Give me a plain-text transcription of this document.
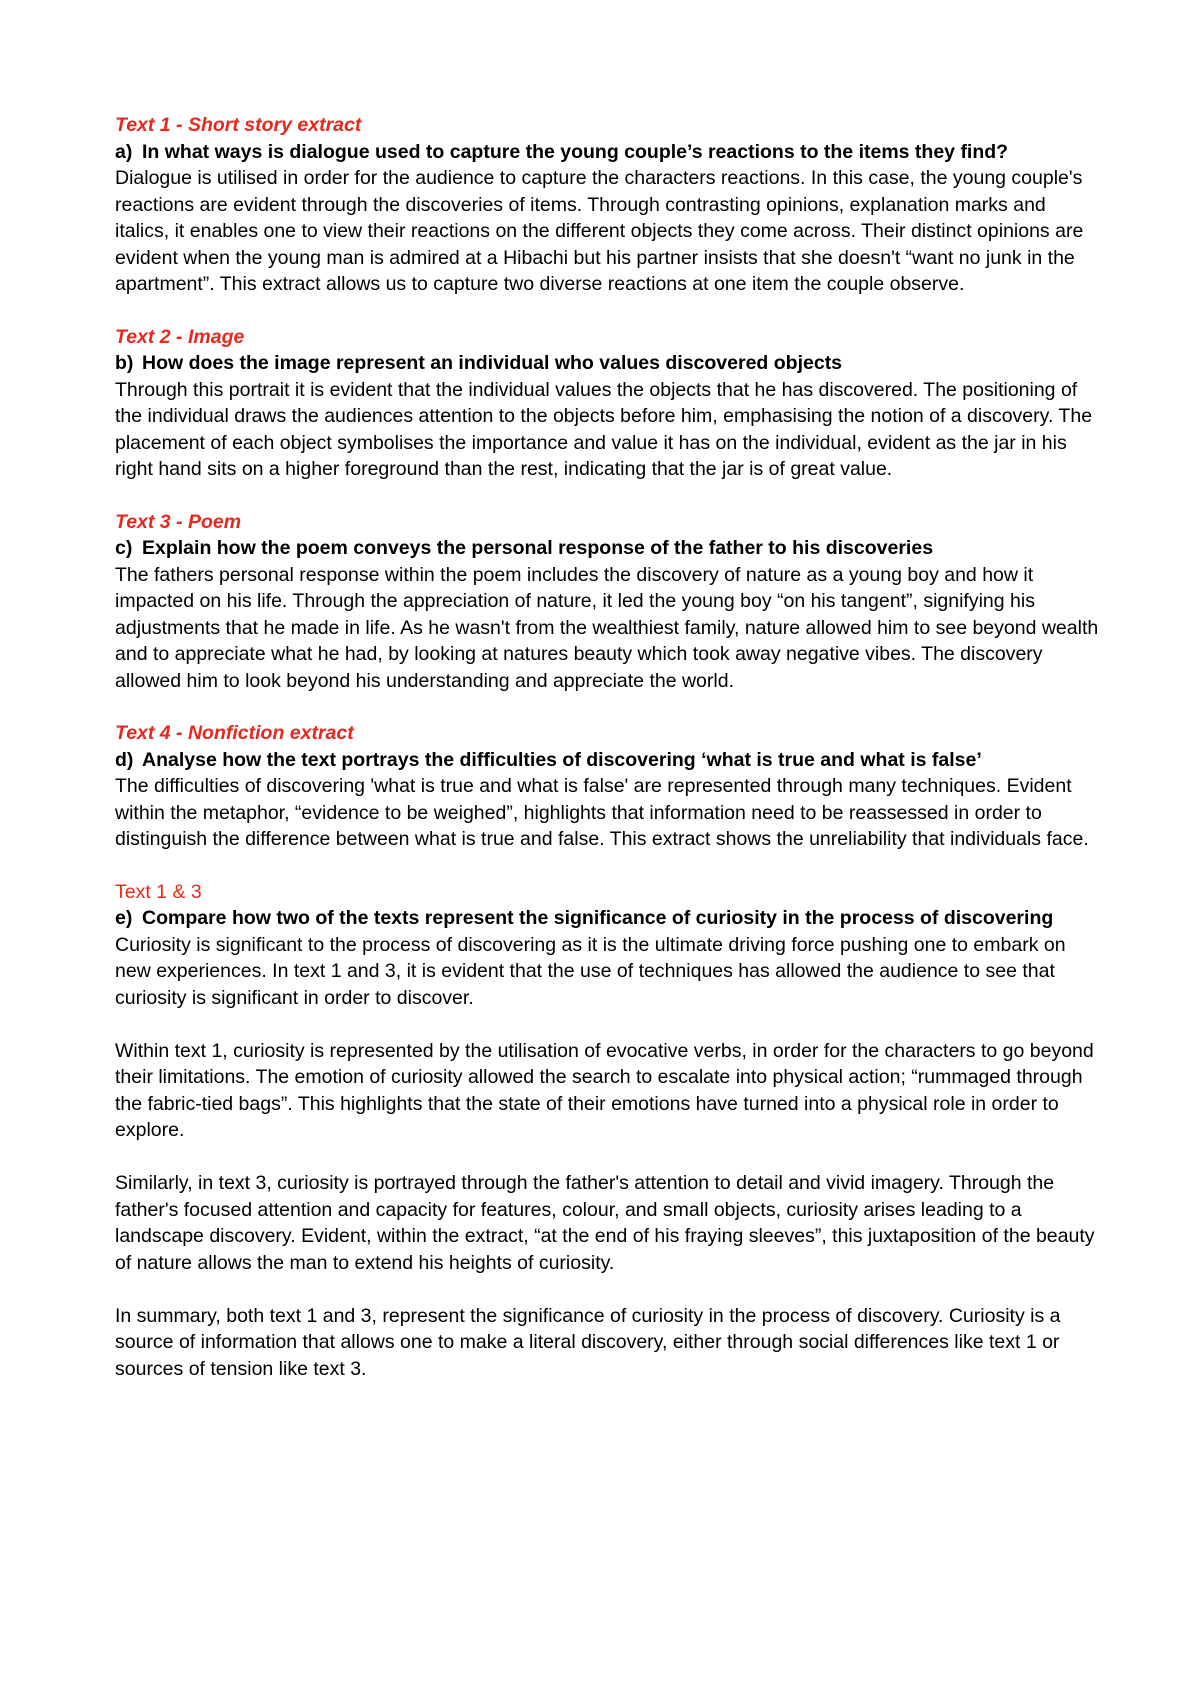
Text 1 - Short story extract
a) In what ways is dialogue used to capture the young couple’s reactions to the items they find?

Dialogue is utilised in order for the audience to capture the characters reactions. In this case, the young couple's reactions are evident through the discoveries of items. Through contrasting opinions, explanation marks and italics, it enables one to view their reactions on the different objects they come across. Their distinct opinions are evident when the young man is admired at a Hibachi but his partner insists that she doesn't “want no junk in the apartment”. This extract allows us to capture two diverse reactions at one item the couple observe.

Text 2 - Image
b) How does the image represent an individual who values discovered objects

Through this portrait it is evident that the individual values the objects that he has discovered. The positioning of the individual draws the audiences attention to the objects before him, emphasising the notion of a discovery. The placement of each object symbolises the importance and value it has on the individual, evident as the jar in his right hand sits on a higher foreground than the rest, indicating that the jar is of great value.

Text 3 - Poem
c) Explain how the poem conveys the personal response of the father to his discoveries

The fathers personal response within the poem includes the discovery of nature as a young boy and how it impacted on his life. Through the appreciation of nature, it led the young boy “on his tangent”, signifying his adjustments that he made in life. As he wasn't from the wealthiest family, nature allowed him to see beyond wealth and to appreciate what he had, by looking at natures beauty which took away negative vibes. The discovery allowed him to look beyond his understanding and appreciate the world.

Text 4 - Nonfiction extract
d) Analyse how the text portrays the difficulties of discovering ‘what is true and what is false’

The difficulties of discovering 'what is true and what is false' are represented through many techniques. Evident within the metaphor, “evidence to be weighed”, highlights that information need to be reassessed in order to distinguish the difference between what is true and false. This extract shows the unreliability that individuals face.

Text 1 & 3
e) Compare how two of the texts represent the significance of curiosity in the process of discovering

Curiosity is significant to the process of discovering as it is the ultimate driving force pushing one to embark on new experiences. In text 1 and 3, it is evident that the use of techniques has allowed the audience to see that curiosity is significant in order to discover.

Within text 1, curiosity is represented by the utilisation of evocative verbs, in order for the characters to go beyond their limitations. The emotion of curiosity allowed the search to escalate into physical action; “rummaged through the fabric-tied bags”. This highlights that the state of their emotions have turned into a physical role in order to explore.

Similarly, in text 3, curiosity is portrayed through the father's attention to detail and vivid imagery. Through the father's focused attention and capacity for features, colour, and small objects, curiosity arises leading to a landscape discovery. Evident, within the extract, “at the end of his fraying sleeves”, this juxtaposition of the beauty of nature allows the man to extend his heights of curiosity.

In summary, both text 1 and 3, represent the significance of curiosity in the process of discovery. Curiosity is a source of information that allows one to make a literal discovery, either through social differences like text 1 or sources of tension like text 3.
